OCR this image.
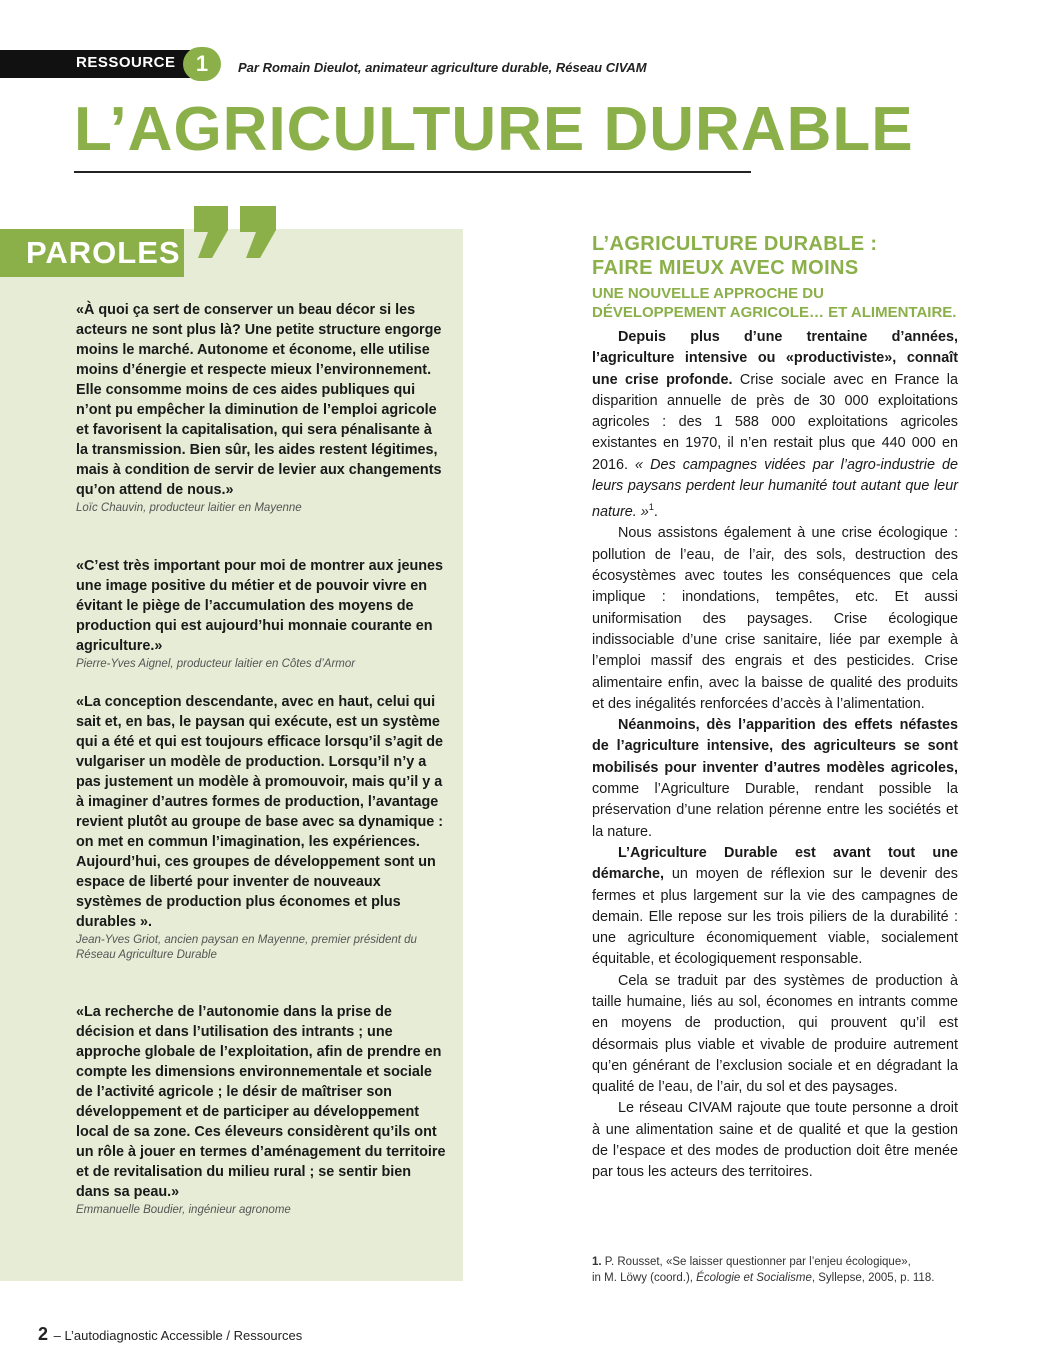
RESSOURCE 1	Par Romain Dieulot, animateur agriculture durable, Réseau CIVAM
L’AGRICULTURE DURABLE
PAROLES
«À quoi ça sert de conserver un beau décor si les acteurs ne sont plus là? Une petite structure engorge moins le marché. Autonome et économe, elle utilise moins d’énergie et respecte mieux l’environnement. Elle consomme moins de ces aides publiques qui n’ont pu empêcher la diminution de l’emploi agricole et favorisent la capitalisation, qui sera pénalisante à la transmission. Bien sûr, les aides restent légitimes, mais à condition de servir de levier aux changements qu’on attend de nous.»
Loïc Chauvin, producteur laitier en Mayenne
«C’est très important pour moi de montrer aux jeunes une image positive du métier et de pouvoir vivre en évitant le piège de l’accumulation des moyens de production qui est aujourd’hui monnaie courante en agriculture.»
Pierre-Yves Aignel, producteur laitier en Côtes d’Armor
«La conception descendante, avec en haut, celui qui sait et, en bas, le paysan qui exécute, est un système qui a été et qui est toujours efficace lorsqu’il s’agit de vulgariser un modèle de production. Lorsqu’il n’y a pas justement un modèle à promouvoir, mais qu’il y a à imaginer d’autres formes de production, l’avantage revient plutôt au groupe de base avec sa dynamique : on met en commun l’imagination, les expériences. Aujourd’hui, ces groupes de développement sont un espace de liberté pour inventer de nouveaux systèmes de production plus économes et plus durables ».
Jean-Yves Griot, ancien paysan en Mayenne, premier président du Réseau Agriculture Durable
«La recherche de l’autonomie dans la prise de décision et dans l’utilisation des intrants ; une approche globale de l’exploitation, afin de prendre en compte les dimensions environnementale et sociale de l’activité agricole ; le désir de maîtriser son développement et de participer au développement local de sa zone. Ces éleveurs considèrent qu’ils ont un rôle à jouer en termes d’aménagement du territoire et de revitalisation du milieu rural ; se sentir bien dans sa peau.»
Emmanuelle Boudier, ingénieur agronome
L’AGRICULTURE DURABLE : FAIRE MIEUX AVEC MOINS
UNE NOUVELLE APPROCHE DU DÉVELOPPEMENT AGRICOLE… ET ALIMENTAIRE.

Depuis plus d’une trentaine d’années, l’agriculture intensive ou «productiviste», connaît une crise profonde. Crise sociale avec en France la disparition annuelle de près de 30 000 exploitations agricoles : des 1 588 000 exploitations agricoles existantes en 1970, il n’en restait plus que 440 000 en 2016. « Des campagnes vidées par l’agro-industrie de leurs paysans perdent leur humanité tout autant que leur nature. »$^1$.

Nous assistons également à une crise écologique : pollution de l’eau, de l’air, des sols, destruction des écosystèmes avec toutes les conséquences que cela implique : inondations, tempêtes, etc. Et aussi uniformisation des paysages. Crise écologique indissociable d’une crise sanitaire, liée par exemple à l’emploi massif des engrais et des pesticides. Crise alimentaire enfin, avec la baisse de qualité des produits et des inégalités renforcées d’accès à l’alimentation.

Néanmoins, dès l’apparition des effets néfastes de l’agriculture intensive, des agriculteurs se sont mobilisés pour inventer d’autres modèles agricoles, comme l’Agriculture Durable, rendant possible la préservation d’une relation pérenne entre les sociétés et la nature.

L’Agriculture Durable est avant tout une démarche, un moyen de réflexion sur le devenir des fermes et plus largement sur la vie des campagnes de demain. Elle repose sur les trois piliers de la durabilité : une agriculture économiquement viable, socialement équitable, et écologiquement responsable.

Cela se traduit par des systèmes de production à taille humaine, liés au sol, économes en intrants comme en moyens de production, qui prouvent qu’il est désormais plus viable et vivable de produire autrement qu’en générant de l’exclusion sociale et en dégradant la qualité de l’eau, de l’air, du sol et des paysages.

Le réseau CIVAM rajoute que toute personne a droit à une alimentation saine et de qualité et que la gestion de l’espace et des modes de production doit être menée par tous les acteurs des territoires.

1. P. Rousset, «Se laisser questionner par l’enjeu écologique»,
in M. Löwy (coord.), Écologie et Socialisme, Syllepse, 2005, p. 118.
2 – L’autodiagnostic Accessible / Ressources
